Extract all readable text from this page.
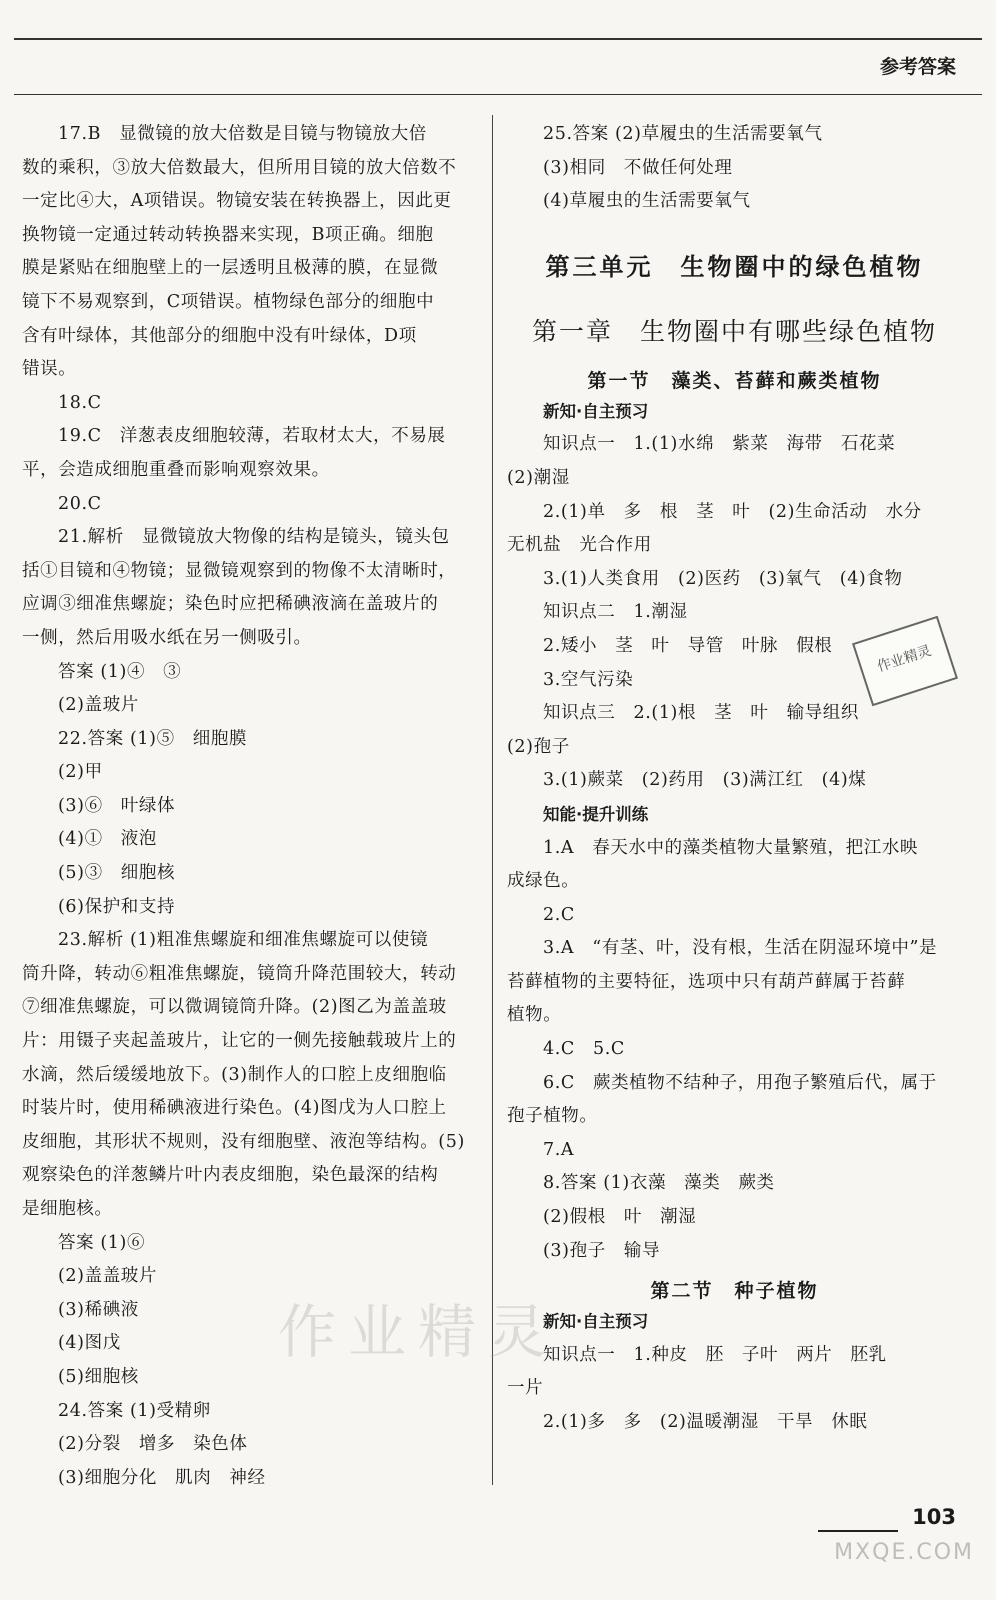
参考答案
17.B　显微镜的放大倍数是目镜与物镜放大倍
数的乘积，③放大倍数最大，但所用目镜的放大倍数不
一定比④大，A项错误。物镜安装在转换器上，因此更
换物镜一定通过转动转换器来实现，B项正确。细胞
膜是紧贴在细胞壁上的一层透明且极薄的膜，在显微
镜下不易观察到，C项错误。植物绿色部分的细胞中
含有叶绿体，其他部分的细胞中没有叶绿体，D项
错误。
18.C
19.C　洋葱表皮细胞较薄，若取材太大，不易展
平，会造成细胞重叠而影响观察效果。
20.C
21.解析　显微镜放大物像的结构是镜头，镜头包
括①目镜和④物镜；显微镜观察到的物像不太清晰时，
应调③细准焦螺旋；染色时应把稀碘液滴在盖玻片的
一侧，然后用吸水纸在另一侧吸引。
答案 (1)④　③
(2)盖玻片
22.答案 (1)⑤　细胞膜
(2)甲
(3)⑥　叶绿体
(4)①　液泡
(5)③　细胞核
(6)保护和支持
23.解析 (1)粗准焦螺旋和细准焦螺旋可以使镜
筒升降，转动⑥粗准焦螺旋，镜筒升降范围较大，转动
⑦细准焦螺旋，可以微调镜筒升降。(2)图乙为盖盖玻
片：用镊子夹起盖玻片，让它的一侧先接触载玻片上的
水滴，然后缓缓地放下。(3)制作人的口腔上皮细胞临
时装片时，使用稀碘液进行染色。(4)图戊为人口腔上
皮细胞，其形状不规则，没有细胞壁、液泡等结构。(5)
观察染色的洋葱鳞片叶内表皮细胞，染色最深的结构
是细胞核。
答案 (1)⑥
(2)盖盖玻片
(3)稀碘液
(4)图戊
(5)细胞核
24.答案 (1)受精卵
(2)分裂　增多　染色体
(3)细胞分化　肌肉　神经
25.答案 (2)草履虫的生活需要氧气
(3)相同　不做任何处理
(4)草履虫的生活需要氧气
第三单元　生物圈中的绿色植物
第一章　生物圈中有哪些绿色植物
第一节　藻类、苔藓和蕨类植物
新知·自主预习
知识点一　1.(1)水绵　紫菜　海带　石花菜
(2)潮湿
2.(1)单　多　根　茎　叶　(2)生命活动　水分
无机盐　光合作用
3.(1)人类食用　(2)医药　(3)氧气　(4)食物
知识点二　1.潮湿
2.矮小　茎　叶　导管　叶脉　假根
3.空气污染
知识点三　2.(1)根　茎　叶　输导组织
(2)孢子
3.(1)蕨菜　(2)药用　(3)满江红　(4)煤
知能·提升训练
1.A　春天水中的藻类植物大量繁殖，把江水映
成绿色。
2.C
3.A　“有茎、叶，没有根，生活在阴湿环境中”是
苔藓植物的主要特征，选项中只有葫芦藓属于苔藓
植物。
4.C　5.C
6.C　蕨类植物不结种子，用孢子繁殖后代，属于
孢子植物。
7.A
8.答案 (1)衣藻　藻类　蕨类
(2)假根　叶　潮湿
(3)孢子　输导
第二节　种子植物
新知·自主预习
知识点一　1.种皮　胚　子叶　两片　胚乳
一片
2.(1)多　多　(2)温暖潮湿　干旱　休眠
作业精灵
作业精灵
103
MXQE.COM
